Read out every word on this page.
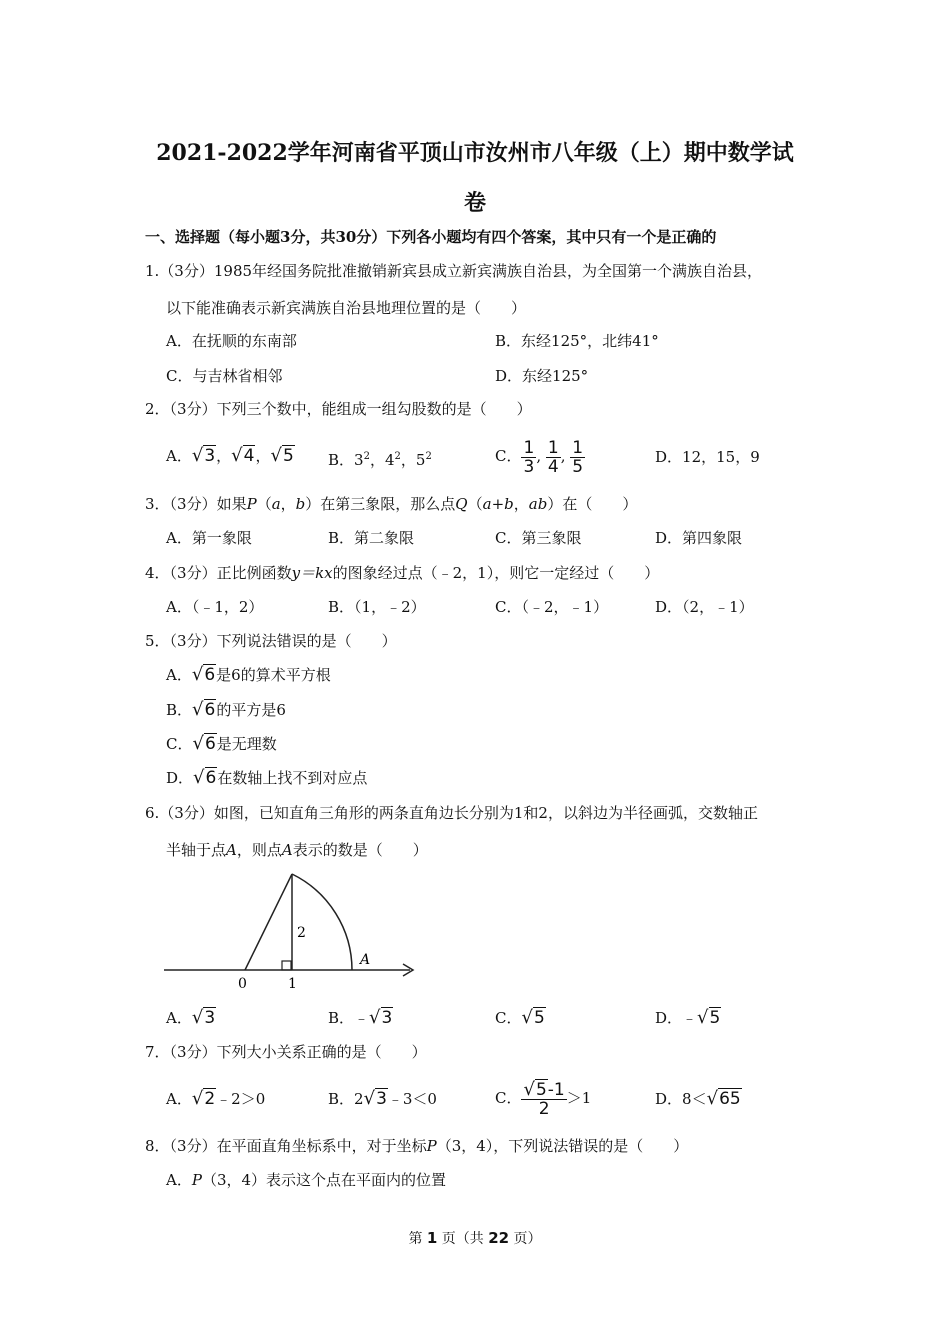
2021-2022学年河南省平顶山市汝州市八年级（上）期中数学试
卷
一、选择题（每小题3分，共30分）下列各小题均有四个答案，其中只有一个是正确的
1.（3分）1985年经国务院批准撤销新宾县成立新宾满族自治县，为全国第一个满族自治县，
以下能准确表示新宾满族自治县地理位置的是（　　）
A．在抚顺的东南部	B．东经125°，北纬41°
C．与吉林省相邻	D．东经125°
2．（3分）下列三个数中，能组成一组勾股数的是（　　）
A．√3，√4，√5 B．$3^2$，$4^2$，$5^2$	C． $\frac{1}{3}$ , $\frac{1}{4}$ , $\frac{1}{5}$	D．12，15，9
3．（3分）如果P（a，b）在第三象限，那么点Q（a+b，ab）在（　　）
A．第一象限	B．第二象限	C．第三象限	D．第四象限
4．（3分）正比例函数y＝kx的图象经过点（﹣2，1），则它一定经过（　　）
A．（﹣1，2）	B．（1，﹣2）	C．（﹣2，﹣1）	D．（2，﹣1）
5．（3分）下列说法错误的是（　　）
A．√6是6的算术平方根
B．√6的平方是6
C．√6是无理数
D．√6在数轴上找不到对应点
6.（3分）如图，已知直角三角形的两条直角边长分别为1和2，以斜边为半径画弧，交数轴正
半轴于点A，则点A表示的数是（　　）
0	1
2
A
A．√3	B．﹣√3	C．√5	D．﹣√5
7．（3分）下列大小关系正确的是（　　）
A．√2﹣2＞0	B．2√3﹣3＜0	C． $\frac{√5-1}{2} >1$	D．8＜√65
8．（3分）在平面直角坐标系中，对于坐标P（3，4），下列说法错误的是（　　）
A．P（3，4）表示这个点在平面内的位置
第 1 页（共 22 页）
